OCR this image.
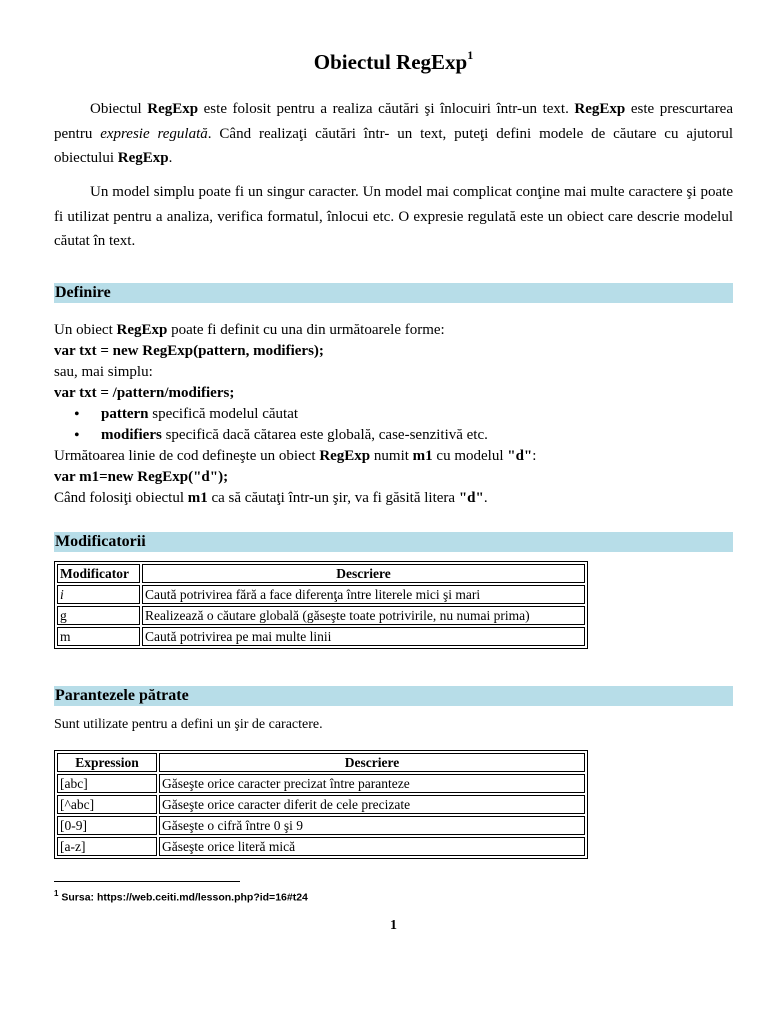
Obiectul RegExp$^1$

Obiectul RegExp este folosit pentru a realiza căutări şi înlocuiri într-un text. RegExp este prescurtarea pentru expresie regulată. Când realizaţi căutări într- un text, puteţi defini modele de căutare cu ajutorul obiectului RegExp.

Un model simplu poate fi un singur caracter. Un model mai complicat conţine mai multe caractere şi poate fi utilizat pentru a analiza, verifica formatul, înlocui etc. O expresie regulată este un obiect care descrie modelul căutat în text.

Definire
Un obiect RegExp poate fi definit cu una din următoarele forme:
var txt = new RegExp(pattern, modifiers);
sau, mai simplu:
var txt = /pattern/modifiers;
• pattern specifică modelul căutat
• modifiers specifică dacă cătarea este globală, case-senzitivă etc.
Următoarea linie de cod defineşte un obiect RegExp numit m1 cu modelul "d":
var m1=new RegExp("d");
Când folosiţi obiectul m1 ca să căutaţi într-un şir, va fi găsită litera "d".
Modificatorii
Modificator	Descriere
i	Caută potrivirea fără a face diferenţa între literele mici şi mari
g	Realizează o căutare globală (găseşte toate potrivirile, nu numai prima)
m	Caută potrivirea pe mai multe linii
Parantezele pătrate
Sunt utilizate pentru a defini un şir de caractere.
Expression	Descriere
[abc]	Găseşte orice caracter precizat între paranteze
[^abc]	Găseşte orice caracter diferit de cele precizate
[0-9]	Găseşte o cifră între 0 şi 9
[a-z]	Găseşte orice literă mică
$^1$ Sursa: https://web.ceiti.md/lesson.php?id=16#t24
1
